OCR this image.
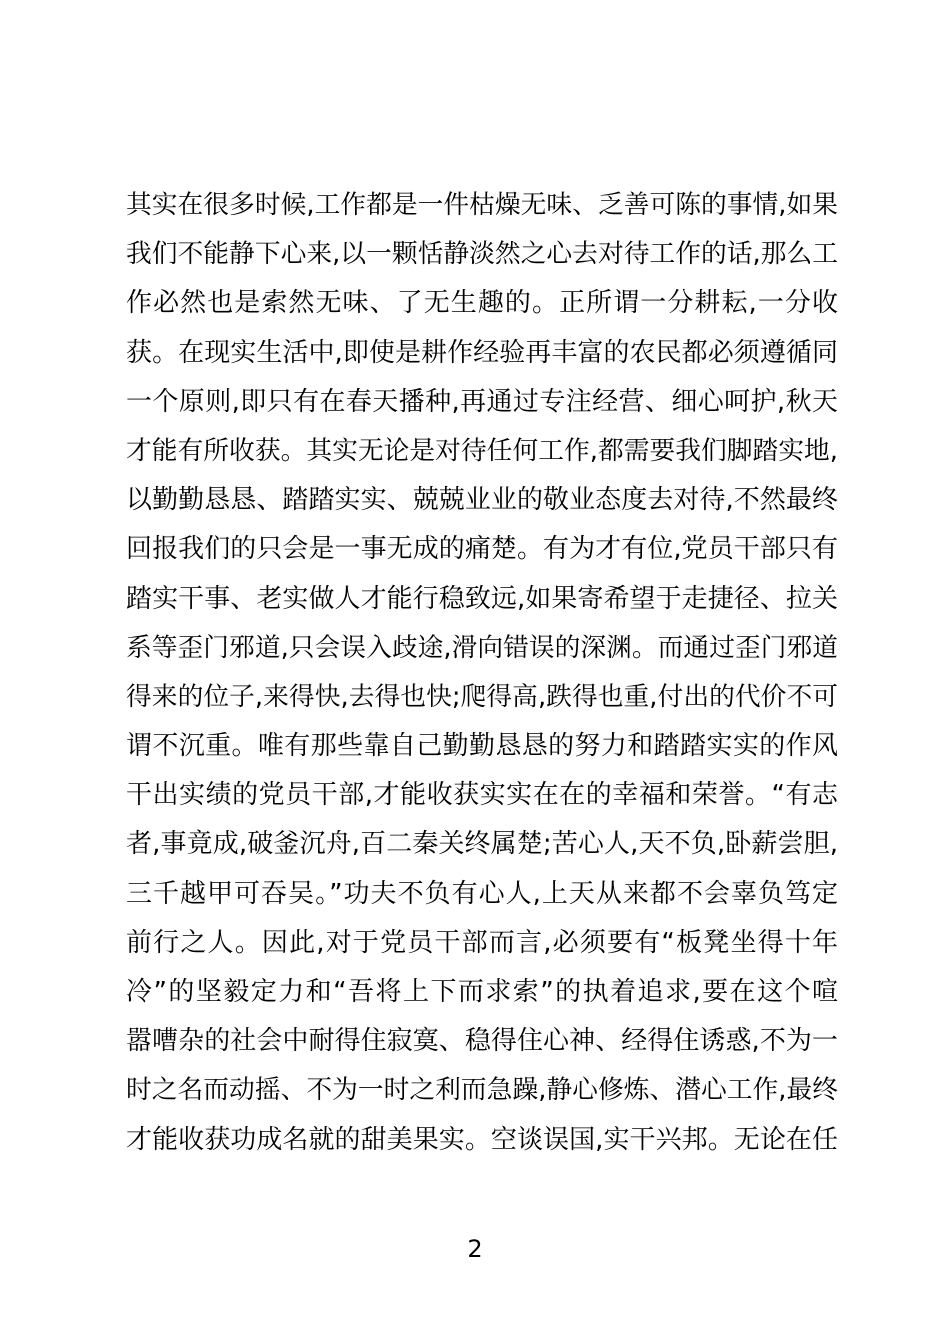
其实在很多时候,工作都是一件枯燥无味、乏善可陈的事情,如果
我们不能静下心来,以一颗恬静淡然之心去对待工作的话,那么工
作必然也是索然无味、了无生趣的。正所谓一分耕耘,一分收
获。在现实生活中,即使是耕作经验再丰富的农民都必须遵循同
一个原则,即只有在春天播种,再通过专注经营、细心呵护,秋天
才能有所收获。其实无论是对待任何工作,都需要我们脚踏实地,
以勤勤恳恳、踏踏实实、兢兢业业的敬业态度去对待,不然最终
回报我们的只会是一事无成的痛楚。有为才有位,党员干部只有
踏实干事、老实做人才能行稳致远,如果寄希望于走捷径、拉关
系等歪门邪道,只会误入歧途,滑向错误的深渊。而通过歪门邪道
得来的位子,来得快,去得也快;爬得高,跌得也重,付出的代价不可
谓不沉重。唯有那些靠自己勤勤恳恳的努力和踏踏实实的作风
干出实绩的党员干部,才能收获实实在在的幸福和荣誉。“有志
者,事竟成,破釜沉舟,百二秦关终属楚;苦心人,天不负,卧薪尝胆,
三千越甲可吞吴。”功夫不负有心人,上天从来都不会辜负笃定
前行之人。因此,对于党员干部而言,必须要有“板凳坐得十年
冷”的坚毅定力和“吾将上下而求索”的执着追求,要在这个喧
嚣嘈杂的社会中耐得住寂寞、稳得住心神、经得住诱惑,不为一
时之名而动摇、不为一时之利而急躁,静心修炼、潜心工作,最终
才能收获功成名就的甜美果实。空谈误国,实干兴邦。无论在任
2
